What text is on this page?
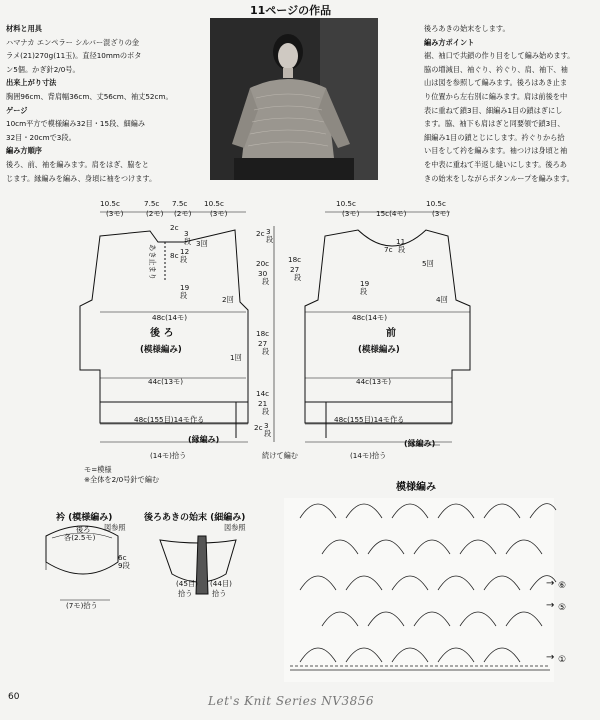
11ページの作品

材料と用具

ハマナカ エンペラー シルバー混ざりの金

ラメ(21)270g(11玉)。直径10mmのボタ

ン5個。かぎ針2/0号。

出来上がり寸法

胸囲96cm、背肩幅36cm、丈56cm、袖丈52cm。

ゲージ

10cm平方で模様編み32目・15段、細編み

32目・20cmで3段。

編み方順序

後ろ、前、袖を編みます。肩をはぎ、脇をと

じます。縁編みを編み、身頃に袖をつけます。

後ろあきの始末をします。

編み方ポイント

裾、袖口で共鎖の作り目をして編み始めます。

脇の増減目、袖ぐり、衿ぐり、肩、袖下、袖

山は図を参照して編みます。後ろはあき止ま

り位置から左右別に編みます。肩は前後を中

表に重ねて鎖3目、細編み1目の鎖はぎにし

ます。脇、袖下も肩はぎと同要領で鎖3目、

細編み1目の鎖とじにします。衿ぐりから拾

い目をして衿を編みます。袖つけは身頃と袖

を中表に重ねて半返し縫いにします。後ろあ

きの始末をしながらボタンループを編みます。

→
→
→
10.5c
(3モ)
7.5c
(2モ)
7.5c
(2モ)
10.5c
(3モ)
2c
3
段 3回
8c 12
段
あき止まり
19
段	2回
1回
48c(14モ)
44c(13モ)
48c(155目)14モ作る
後 ろ
(模様編み)
(縁編み)
(14モ)拾う
10.5c
(3モ) 15c(4モ)
10.5c
(3モ)
11
7c 段
19
段
5回
4回
48c(14モ)
44c(13モ)
48c(155目)14モ作る
前
(模様編み)
(縁編み)
(14モ)拾う
2c 3
段
20c
30
段
18c
27
段
18c
27
段
14c
21
段
2c 3
段
続けて編む
モ=模様
※全体を2/0号針で編む
衿 (模様編み)
図参照
後ろ
各(2.5モ)
6c
9段
(7モ)拾う
後ろあきの始末 (細編み)
図参照
(45目) (44目)
拾う	拾う
模様編み
⑥
⑤
①
60	Let's Knit Series NV3856
